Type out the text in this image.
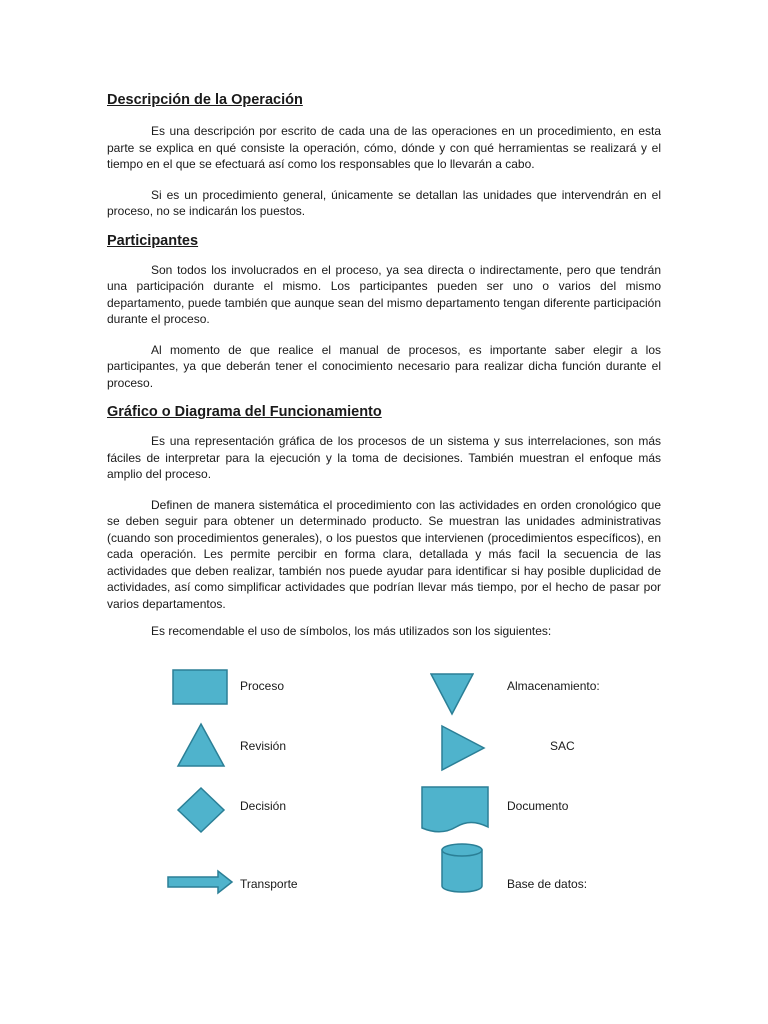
Descripción de la Operación

Es una descripción por escrito de cada una de las operaciones en un procedimiento, en esta parte se explica en qué consiste la operación, cómo, dónde y con qué herramientas se realizará y el tiempo en el que se efectuará así como los responsables que lo llevarán a cabo.

Si es un procedimiento general, únicamente se detallan las unidades que intervendrán en el proceso, no se indicarán los puestos.

Participantes

Son todos los involucrados en el proceso, ya sea directa o indirectamente, pero que tendrán una participación durante el mismo. Los participantes pueden ser uno o varios del mismo departamento, puede también que aunque sean del mismo departamento tengan diferente participación durante el proceso.

Al momento de que realice el manual de procesos, es importante saber elegir a los participantes, ya que deberán tener el conocimiento necesario para realizar dicha función durante el proceso.

Gráfico o Diagrama del Funcionamiento

Es una representación gráfica de los procesos de un sistema y sus interrelaciones, son más fáciles de interpretar para la ejecución y la toma de decisiones. También muestran el enfoque más amplio del proceso.

Definen de manera sistemática el procedimiento con las actividades en orden cronológico que se deben seguir para obtener un determinado producto. Se muestran las unidades administrativas (cuando son procedimientos generales), o los puestos que intervienen (procedimientos específicos), en cada operación. Les permite percibir en forma clara, detallada y más facil la secuencia de las actividades que deben realizar, también nos puede ayudar para identificar si hay posible duplicidad de actividades, así como simplificar actividades que podrían llevar más tiempo, por el hecho de pasar por varios departamentos.

Es recomendable el uso de símbolos, los más utilizados son los siguientes:

Proceso	Almacenamiento:
Revisión	SAC
Decisión	Documento
Transporte	Base de datos:
